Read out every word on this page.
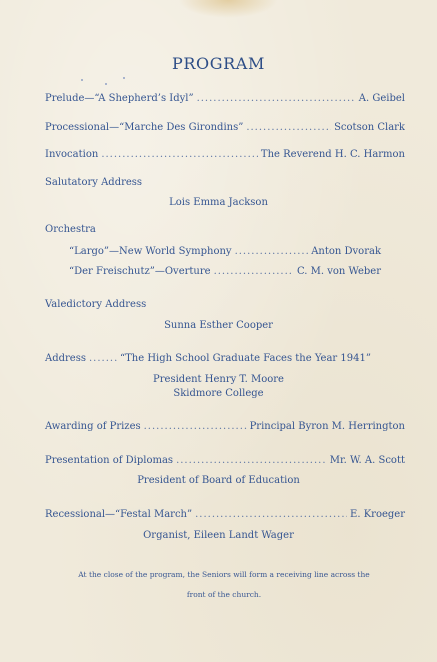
PROGRAM
Prelude—“A Shepherd’s Idyl” .....	A. Geibel
Processional—“Marche Des Girondins” .....	Scotson Clark
Invocation .....	The Reverend H. C. Harmon
Salutatory Address
Lois Emma Jackson
Orchestra
“Largo”—New World Symphony .....	Anton Dvorak
“Der Freischutz”—Overture .....	C. M. von Weber
Valedictory Address
Sunna Esther Cooper
Address .....	“The High School Graduate Faces the Year 1941”
President Henry T. Moore
Skidmore College
Awarding of Prizes .....	Principal Byron M. Herrington
Presentation of Diplomas .....	Mr. W. A. Scott
President of Board of Education
Recessional—“Festal March” .....	E. Kroeger
Organist, Eileen Landt Wager
At the close of the program, the Seniors will form a receiving line across the
front of the church.
